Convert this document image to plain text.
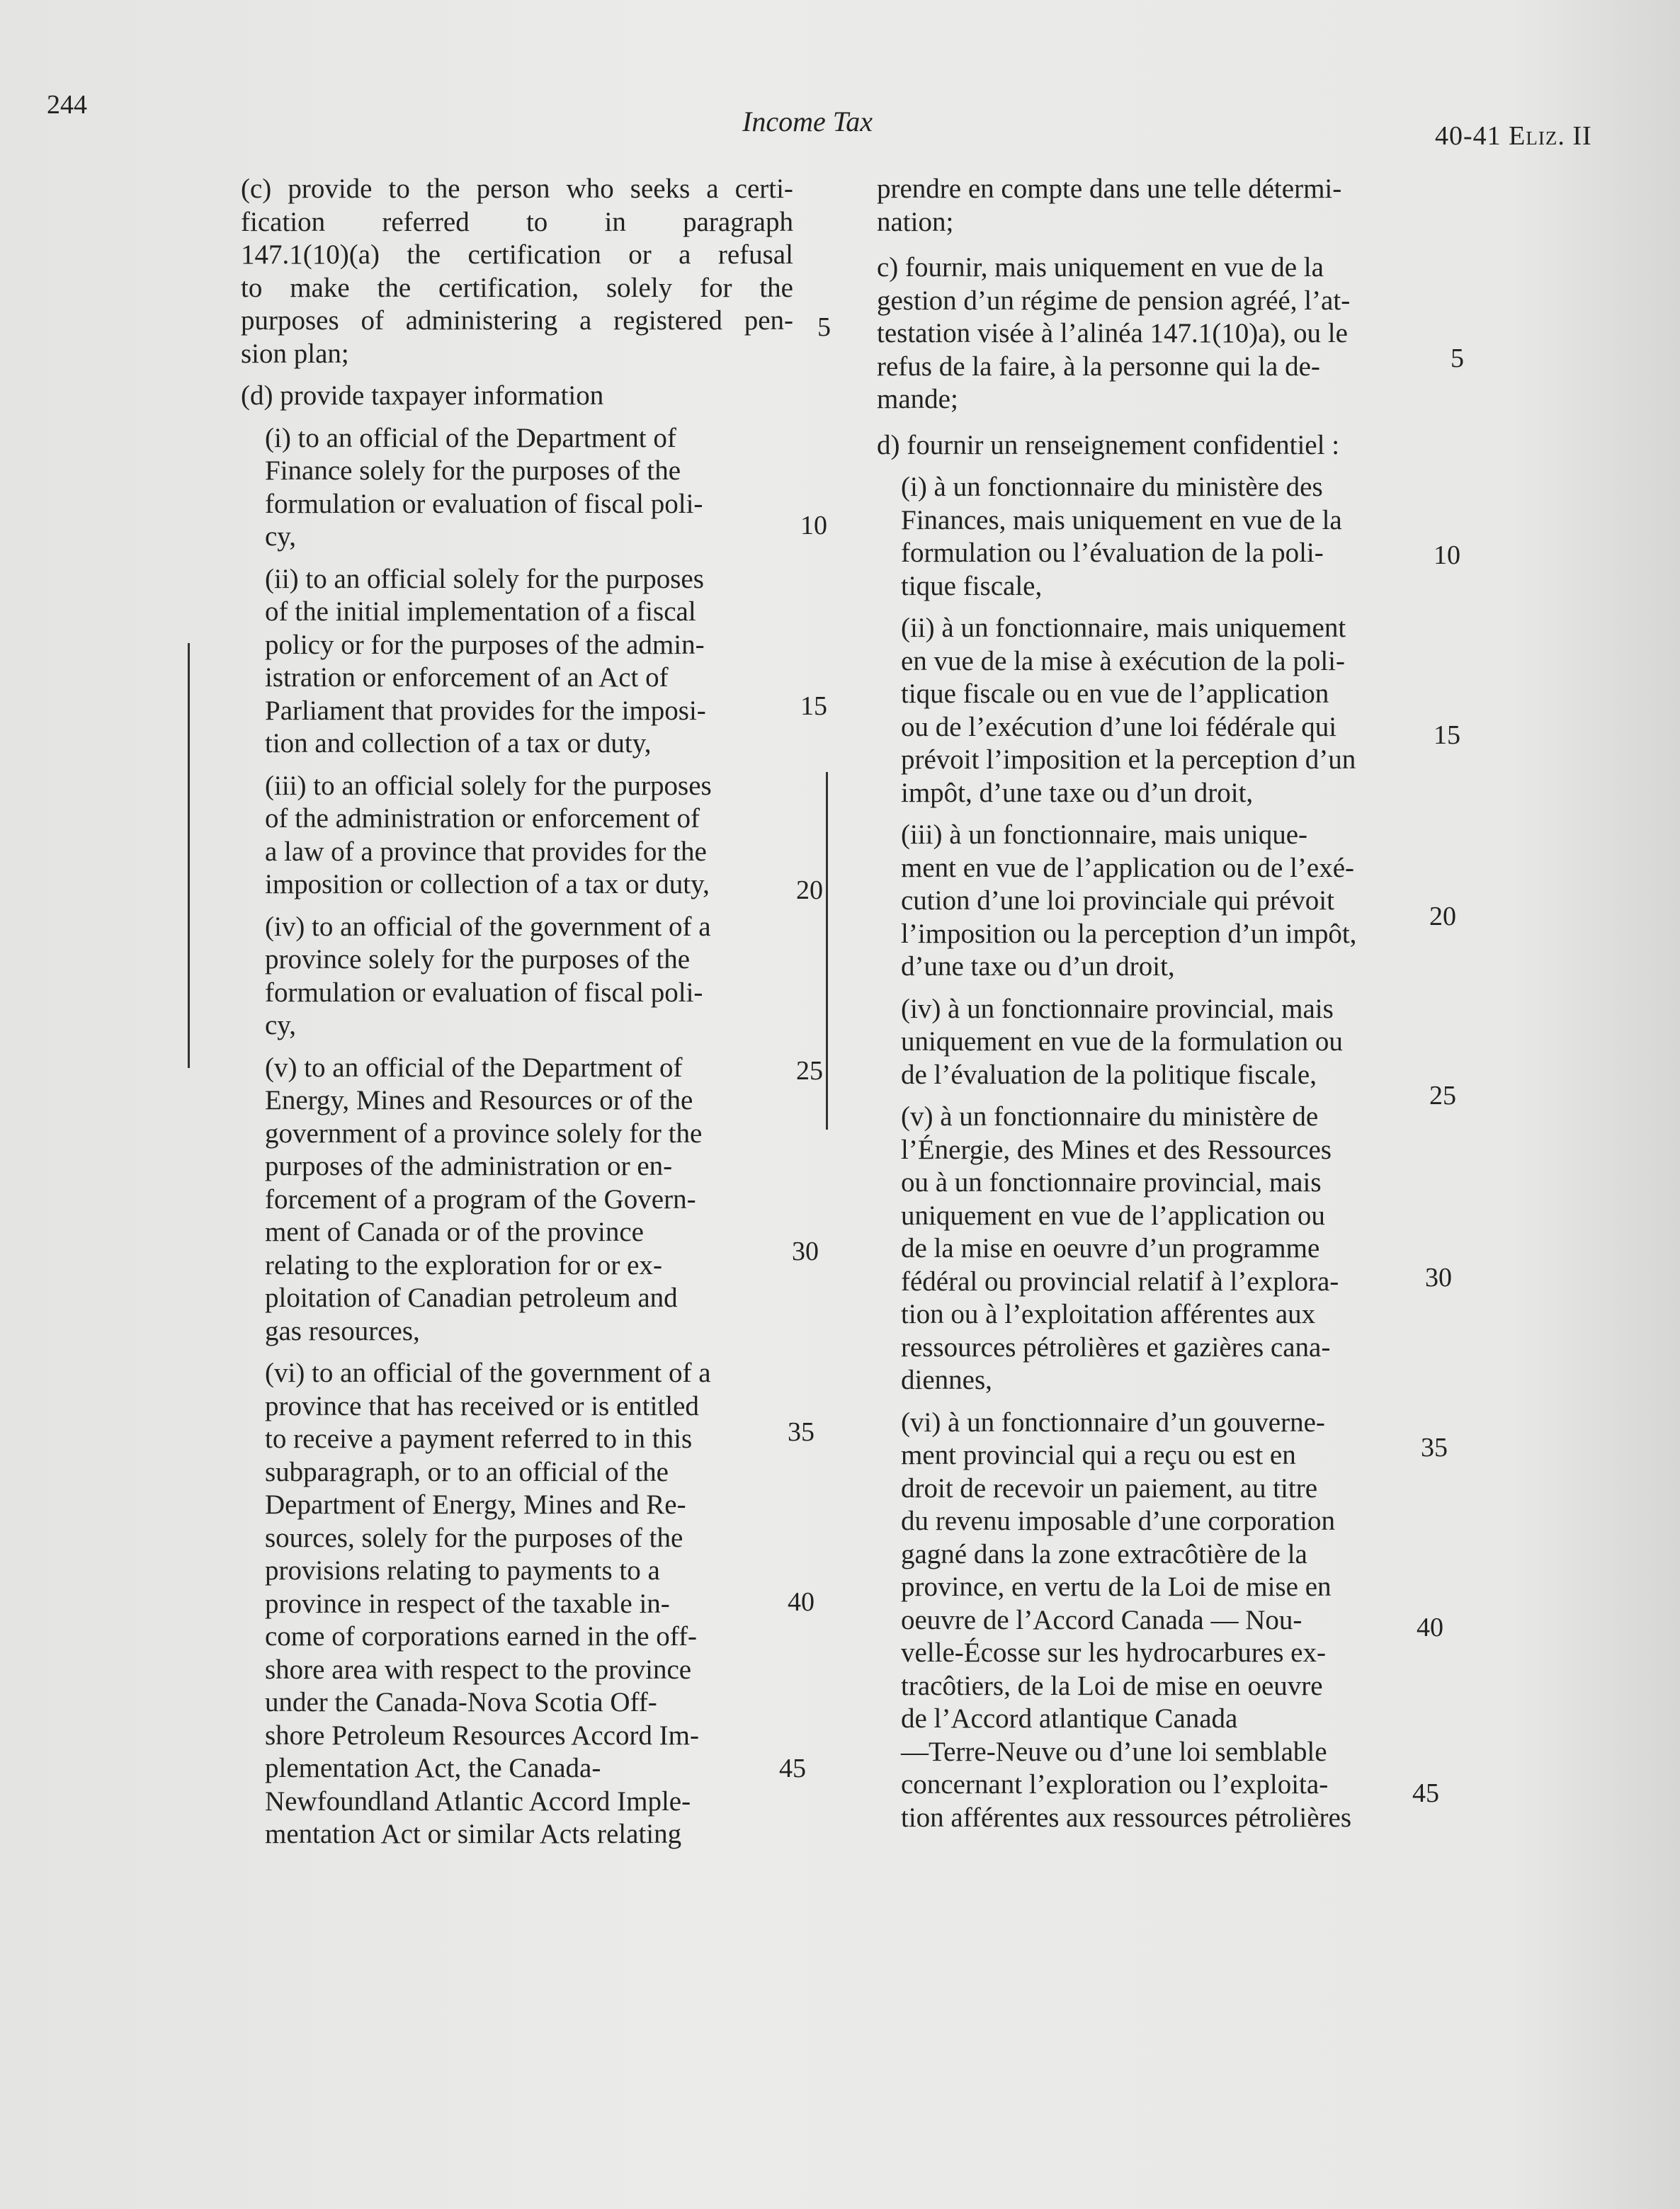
244
Income Tax	40-41 Eliz. II
(c) provide to the person who seeks a certi-
fication referred to in paragraph
147.1(10)(a) the certification or a refusal
to make the certification, solely for the
purposes of administering a registered pen-
sion plan;
(d) provide taxpayer information
(i) to an official of the Department of
Finance solely for the purposes of the
formulation or evaluation of fiscal poli-
cy,
(ii) to an official solely for the purposes
of the initial implementation of a fiscal
policy or for the purposes of the admin-
istration or enforcement of an Act of
Parliament that provides for the imposi-
tion and collection of a tax or duty,
(iii) to an official solely for the purposes
of the administration or enforcement of
a law of a province that provides for the
imposition or collection of a tax or duty,
(iv) to an official of the government of a
province solely for the purposes of the
formulation or evaluation of fiscal poli-
cy,
(v) to an official of the Department of
Energy, Mines and Resources or of the
government of a province solely for the
purposes of the administration or en-
forcement of a program of the Govern-
ment of Canada or of the province
relating to the exploration for or ex-
ploitation of Canadian petroleum and
gas resources,
(vi) to an official of the government of a
province that has received or is entitled
to receive a payment referred to in this
subparagraph, or to an official of the
Department of Energy, Mines and Re-
sources, solely for the purposes of the
provisions relating to payments to a
province in respect of the taxable in-
come of corporations earned in the off-
shore area with respect to the province
under the Canada-Nova Scotia Off-
shore Petroleum Resources Accord Im-
plementation Act, the Canada-
Newfoundland Atlantic Accord Imple-
mentation Act or similar Acts relating
5
10
15
20
25
30
35
40
45
prendre en compte dans une telle détermi-
nation;
c) fournir, mais uniquement en vue de la
gestion d’un régime de pension agréé, l’at-
testation visée à l’alinéa 147.1(10)a), ou le
refus de la faire, à la personne qui la de-
mande;
d) fournir un renseignement confidentiel :
(i) à un fonctionnaire du ministère des
Finances, mais uniquement en vue de la
formulation ou l’évaluation de la poli-
tique fiscale,
(ii) à un fonctionnaire, mais uniquement
en vue de la mise à exécution de la poli-
tique fiscale ou en vue de l’application
ou de l’exécution d’une loi fédérale qui
prévoit l’imposition et la perception d’un
impôt, d’une taxe ou d’un droit,
(iii) à un fonctionnaire, mais unique-
ment en vue de l’application ou de l’exé-
cution d’une loi provinciale qui prévoit
l’imposition ou la perception d’un impôt,
d’une taxe ou d’un droit,
(iv) à un fonctionnaire provincial, mais
uniquement en vue de la formulation ou
de l’évaluation de la politique fiscale,
(v) à un fonctionnaire du ministère de
l’Énergie, des Mines et des Ressources
ou à un fonctionnaire provincial, mais
uniquement en vue de l’application ou
de la mise en oeuvre d’un programme
fédéral ou provincial relatif à l’explora-
tion ou à l’exploitation afférentes aux
ressources pétrolières et gazières cana-
diennes,
(vi) à un fonctionnaire d’un gouverne-
ment provincial qui a reçu ou est en
droit de recevoir un paiement, au titre
du revenu imposable d’une corporation
gagné dans la zone extracôtière de la
province, en vertu de la Loi de mise en
oeuvre de l’Accord Canada — Nou-
velle-Écosse sur les hydrocarbures ex-
tracôtiers, de la Loi de mise en oeuvre
de l’Accord atlantique Canada
—Terre-Neuve ou d’une loi semblable
concernant l’exploration ou l’exploita-
tion afférentes aux ressources pétrolières
5
10
15
20
25
30
35
40
45
